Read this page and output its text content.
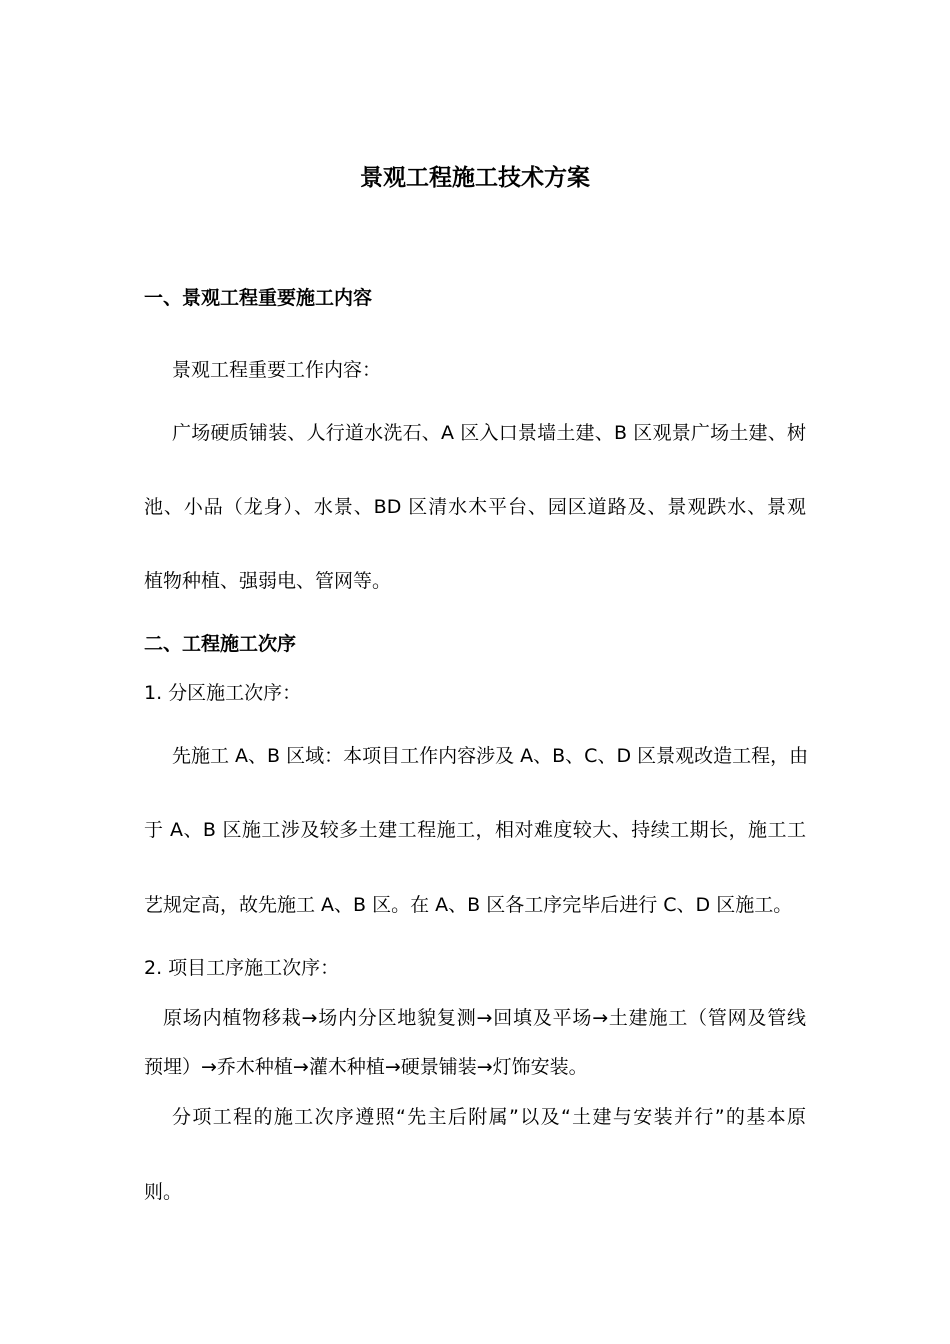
景观工程施工技术方案
一、景观工程重要施工内容
景观工程重要工作内容：
广场硬质铺装、人行道水洗石、A 区入口景墙土建、B 区观景广场土建、树
池、小品（龙身）、水景、BD 区清水木平台、园区道路及、景观跌水、景观
植物种植、强弱电、管网等。
二、工程施工次序
1. 分区施工次序：
先施工 A、B 区域：本项目工作内容涉及 A、B、C、D 区景观改造工程，由
于 A、B 区施工涉及较多土建工程施工，相对难度较大、持续工期长，施工工
艺规定高，故先施工 A、B 区。在 A、B 区各工序完毕后进行 C、D 区施工。
2. 项目工序施工次序：
原场内植物移栽→场内分区地貌复测→回填及平场→土建施工（管网及管线
预埋）→乔木种植→灌木种植→硬景铺装→灯饰安装。
分项工程的施工次序遵照“先主后附属”以及“土建与安装并行”的基本原
则。
